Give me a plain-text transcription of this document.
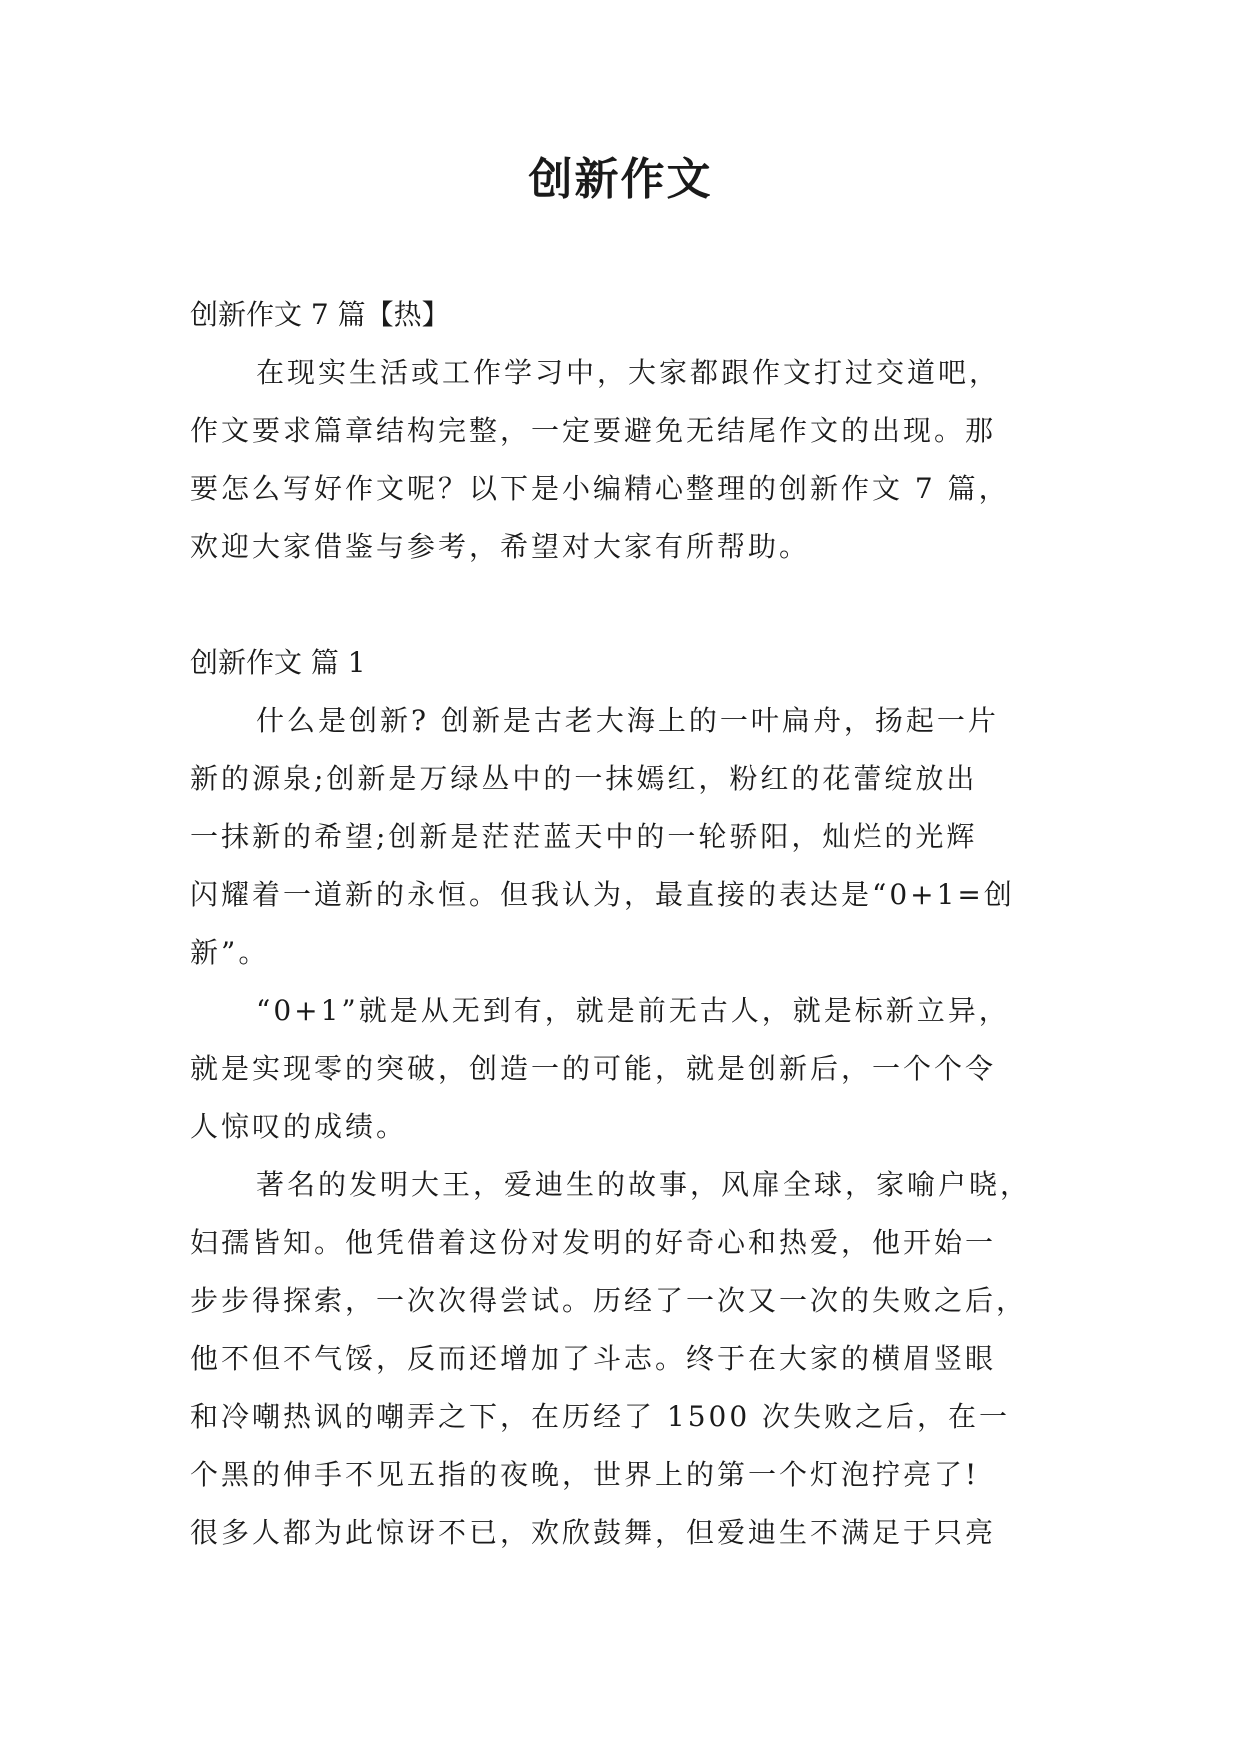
创新作文

创新作文 7 篇【热】

在现实生活或工作学习中，大家都跟作文打过交道吧，
作文要求篇章结构完整，一定要避免无结尾作文的出现。那
要怎么写好作文呢？以下是小编精心整理的创新作文 7 篇，
欢迎大家借鉴与参考，希望对大家有所帮助。

创新作文 篇 1

什么是创新? 创新是古老大海上的一叶扁舟，扬起一片
新的源泉;创新是万绿丛中的一抹嫣红，粉红的花蕾绽放出
一抹新的希望;创新是茫茫蓝天中的一轮骄阳，灿烂的光辉
闪耀着一道新的永恒。但我认为，最直接的表达是“0+1=创
新”。
“0+1”就是从无到有，就是前无古人，就是标新立异，
就是实现零的突破，创造一的可能，就是创新后，一个个令
人惊叹的成绩。
著名的发明大王，爱迪生的故事，风扉全球，家喻户晓，
妇孺皆知。他凭借着这份对发明的好奇心和热爱，他开始一
步步得探索，一次次得尝试。历经了一次又一次的失败之后，
他不但不气馁，反而还增加了斗志。终于在大家的横眉竖眼
和冷嘲热讽的嘲弄之下，在历经了 1500 次失败之后，在一
个黑的伸手不见五指的夜晚，世界上的第一个灯泡拧亮了!
很多人都为此惊讶不已，欢欣鼓舞，但爱迪生不满足于只亮
